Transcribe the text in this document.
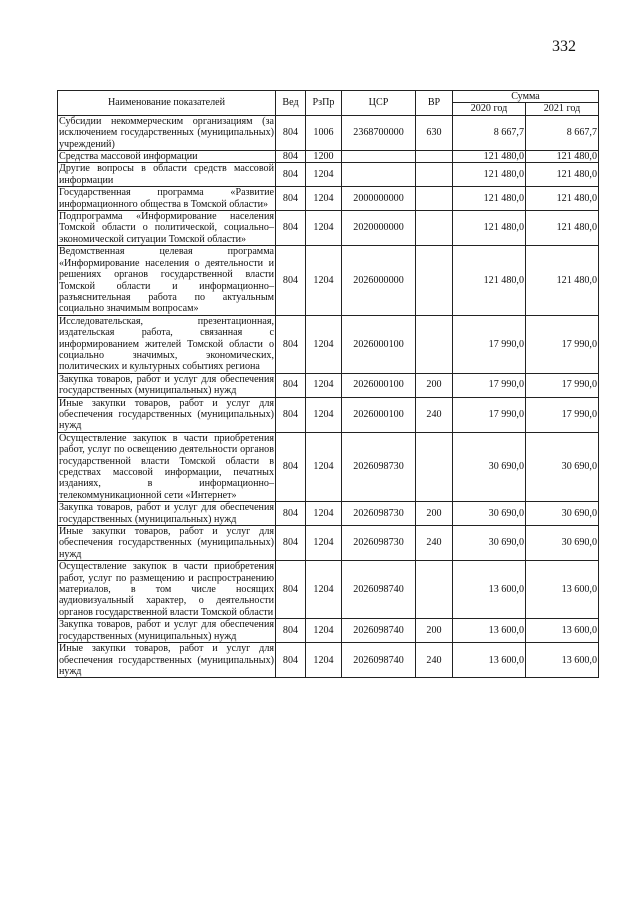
332
Наименование показателей	Вед	РзПр	ЦСР	ВР	Сумма	
					2020 год	2021 год
Субсидии некоммерческим организациям (за исключением государственных (муниципальных) учреждений)	804	1006	2368700000	630	8 667,7	8 667,7
Средства массовой информации	804	1200			121 480,0	121 480,0
Другие вопросы в области средств массовой информации	804	1204			121 480,0	121 480,0
Государственная программа «Развитие информационного общества в Томской области»	804	1204	2000000000		121 480,0	121 480,0
Подпрограмма «Информирование населения Томской области о политической, социально–экономической ситуации Томской области»	804	1204	2020000000		121 480,0	121 480,0
Ведомственная целевая программа «Информирование населения о деятельности и решениях органов государственной власти Томской области и информационно–разъяснительная работа по актуальным социально значимым вопросам»	804	1204	2026000000		121 480,0	121 480,0
Исследовательская, презентационная, издательская работа, связанная с информированием жителей Томской области о социально значимых, экономических, политических и культурных событиях региона	804	1204	2026000100		17 990,0	17 990,0
Закупка товаров, работ и услуг для обеспечения государственных (муниципальных) нужд	804	1204	2026000100	200	17 990,0	17 990,0
Иные закупки товаров, работ и услуг для обеспечения государственных (муниципальных) нужд	804	1204	2026000100	240	17 990,0	17 990,0
Осуществление закупок в части приобретения работ, услуг по освещению деятельности органов государственной власти Томской области в средствах массовой информации, печатных изданиях, в информационно–телекоммуникационной сети «Интернет»	804	1204	2026098730		30 690,0	30 690,0
Закупка товаров, работ и услуг для обеспечения государственных (муниципальных) нужд	804	1204	2026098730	200	30 690,0	30 690,0
Иные закупки товаров, работ и услуг для обеспечения государственных (муниципальных) нужд	804	1204	2026098730	240	30 690,0	30 690,0
Осуществление закупок в части приобретения работ, услуг по размещению и распространению материалов, в том числе носящих аудиовизуальный характер, о деятельности органов государственной власти Томской области	804	1204	2026098740		13 600,0	13 600,0
Закупка товаров, работ и услуг для обеспечения государственных (муниципальных) нужд	804	1204	2026098740	200	13 600,0	13 600,0
Иные закупки товаров, работ и услуг для обеспечения государственных (муниципальных) нужд	804	1204	2026098740	240	13 600,0	13 600,0
